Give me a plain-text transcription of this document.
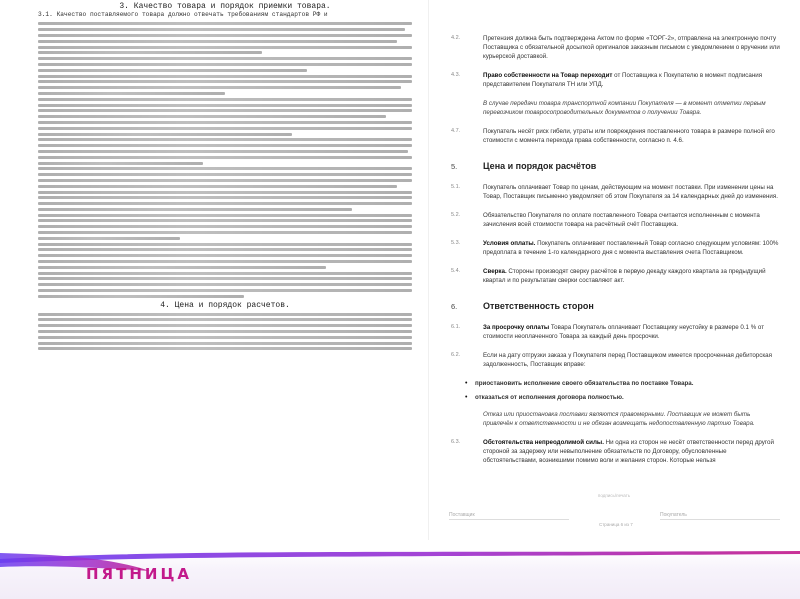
3. Качество товара и порядок приемки товара.

3.1. Качество поставляемого товара должно отвечать требованиям стандартов РФ и

4. Цена и порядок расчетов.
4.2.	Претензия должна быть подтверждена Актом по форме «ТОРГ-2», отправлена на электронную почту Поставщика с обязательной досылкой оригиналов заказным письмом с уведомлением о вручении или курьерской доставкой.
4.3.	Право собственности на Товар переходит от Поставщика к Покупателю в момент подписания представителем Покупателя ТН или УПД.
В случае передачи товара транспортной компании Покупателя — в момент отметки первым перевозчиком товаросопроводительных документов о получении Товара.
4.7.	Покупатель несёт риск гибели, утраты или повреждения поставленного товара в размере полной его стоимости с момента перехода права собственности, согласно п. 4.6.
5.	Цена и порядок расчётов
5.1.	Покупатель оплачивает Товар по ценам, действующим на момент поставки. При изменении цены на Товар, Поставщик письменно уведомляет об этом Покупателя за 14 календарных дней до изменения.
5.2.	Обязательство Покупателя по оплате поставленного Товара считается исполненным с момента зачисления всей стоимости товара на расчётный счёт Поставщика.
5.3.	Условия оплаты. Покупатель оплачивает поставленный Товар согласно следующим условиям: 100% предоплата в течение 1-го календарного дня с момента выставления счета Поставщиком.
5.4.	Сверка. Стороны производят сверку расчётов в первую декаду каждого квартала за предыдущий квартал и по результатам сверки составляют акт.
6.	Ответственность сторон
6.1.	За просрочку оплаты Товара Покупатель оплачивает Поставщику неустойку в размере 0.1 % от стоимости неоплаченного Товара за каждый день просрочки.
6.2.	Если на дату отгрузки заказа у Покупателя перед Поставщиком имеется просроченная дебиторская задолженность, Поставщик вправе:
•	приостановить исполнение своего обязательства по поставке Товара.
•	отказаться от исполнения договора полностью.
Отказ или приостановка поставки являются правомерными. Поставщик не может быть привлечён к ответственности и не обязан возмещать недопоставленную партию Товара.
6.3.	Обстоятельства непреодолимой силы. Ни одна из сторон не несёт ответственности перед другой стороной за задержку или невыполнение обязательств по Договору, обусловленные обстоятельствами, возникшими помимо воли и желания сторон. Которые нельзя
подпись/печать
Поставщик	Покупатель
Страница 6 из 7
ПЯТНИЦА
